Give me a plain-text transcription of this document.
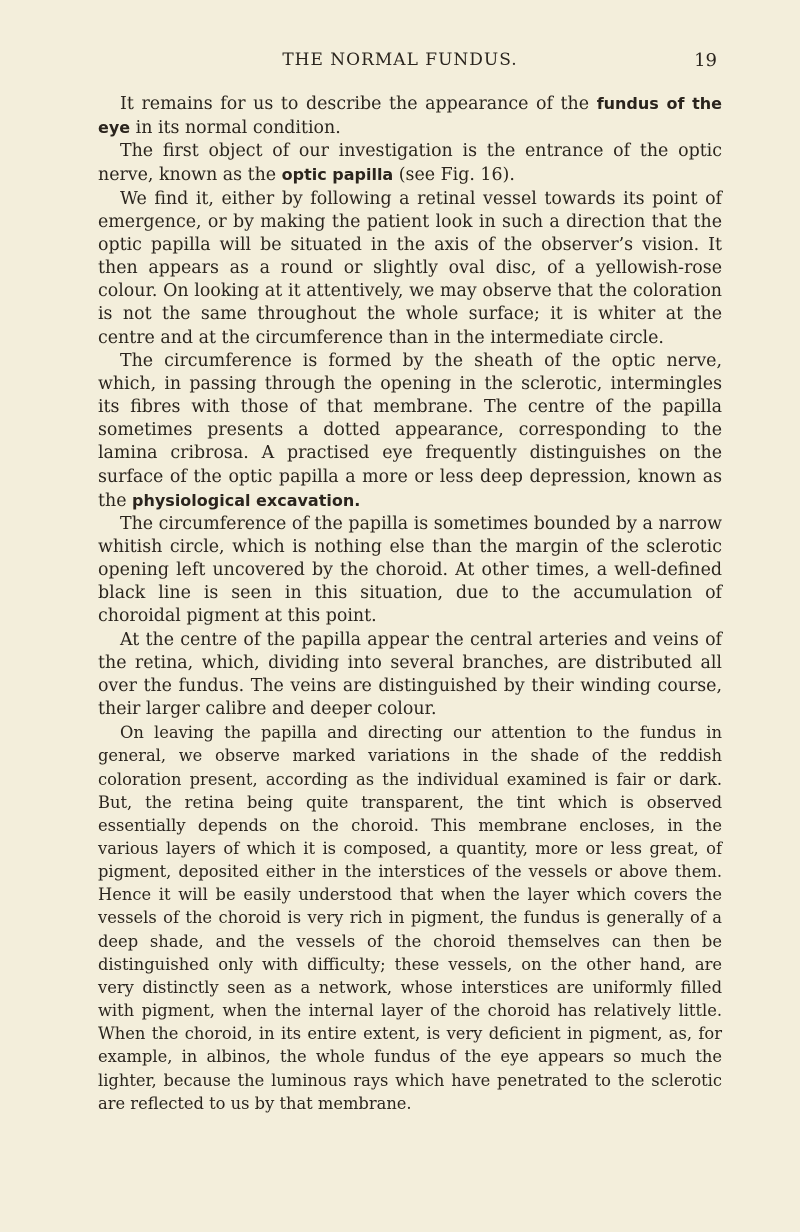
THE NORMAL FUNDUS.	19

It remains for us to describe the appearance of the fundus of the eye in its normal condition.

The first object of our investigation is the entrance of the optic nerve, known as the optic papilla (see Fig. 16).

We find it, either by following a retinal vessel towards its point of emergence, or by making the patient look in such a direction that the optic papilla will be situated in the axis of the observer’s vision. It then appears as a round or slightly oval disc, of a yellowish-rose colour. On looking at it attentively, we may observe that the coloration is not the same throughout the whole surface; it is whiter at the centre and at the circumference than in the intermediate circle.

The circumference is formed by the sheath of the optic nerve, which, in passing through the opening in the sclerotic, intermingles its fibres with those of that membrane. The centre of the papilla sometimes presents a dotted appearance, corresponding to the lamina cribrosa. A practised eye frequently distinguishes on the surface of the optic papilla a more or less deep depression, known as the physiological excavation.

The circumference of the papilla is sometimes bounded by a narrow whitish circle, which is nothing else than the margin of the sclerotic opening left uncovered by the choroid. At other times, a well-defined black line is seen in this situation, due to the accumulation of choroidal pigment at this point.

At the centre of the papilla appear the central arteries and veins of the retina, which, dividing into several branches, are distributed all over the fundus. The veins are distinguished by their winding course, their larger calibre and deeper colour.

On leaving the papilla and directing our attention to the fundus in general, we observe marked variations in the shade of the reddish coloration present, according as the individual examined is fair or dark. But, the retina being quite transparent, the tint which is observed essentially depends on the choroid. This membrane encloses, in the various layers of which it is composed, a quantity, more or less great, of pigment, deposited either in the interstices of the vessels or above them. Hence it will be easily understood that when the layer which covers the vessels of the choroid is very rich in pigment, the fundus is generally of a deep shade, and the vessels of the choroid themselves can then be distinguished only with difficulty; these vessels, on the other hand, are very distinctly seen as a network, whose interstices are uniformly filled with pigment, when the internal layer of the choroid has relatively little. When the choroid, in its entire extent, is very deficient in pigment, as, for example, in albinos, the whole fundus of the eye appears so much the lighter, because the luminous rays which have penetrated to the sclerotic are reflected to us by that membrane.
